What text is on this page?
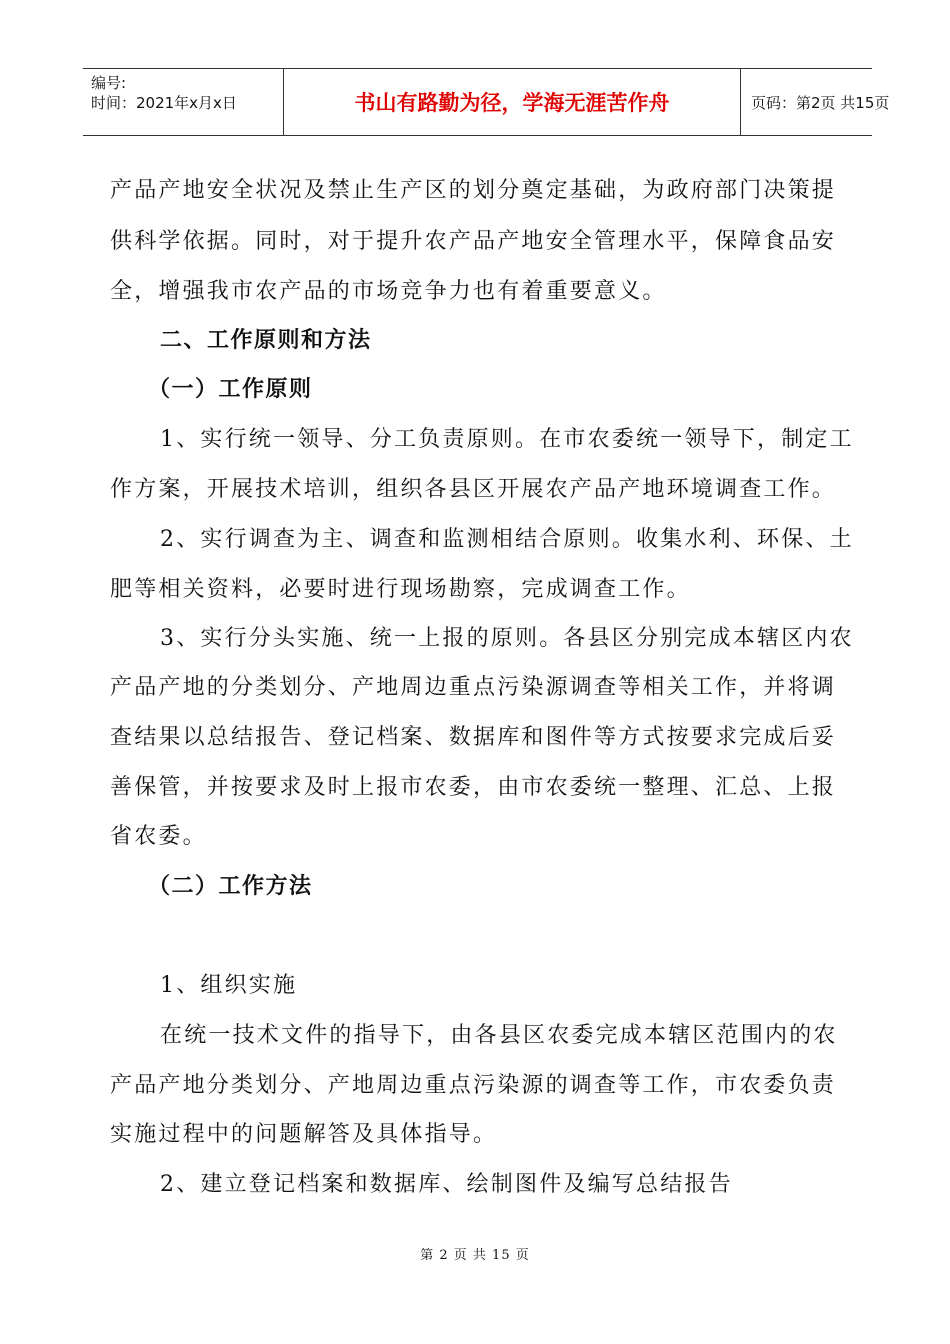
编号:
时间：2021年x月x日	书山有路勤为径，学海无涯苦作舟	页码：第2页 共15页
产品产地安全状况及禁止生产区的划分奠定基础，为政府部门决策提
供科学依据。同时，对于提升农产品产地安全管理水平，保障食品安
全，增强我市农产品的市场竞争力也有着重要意义。
二、工作原则和方法
（一）工作原则
1、实行统一领导、分工负责原则。在市农委统一领导下，制定工
作方案，开展技术培训，组织各县区开展农产品产地环境调查工作。
2、实行调查为主、调查和监测相结合原则。收集水利、环保、土
肥等相关资料，必要时进行现场勘察，完成调查工作。
3、实行分头实施、统一上报的原则。各县区分别完成本辖区内农
产品产地的分类划分、产地周边重点污染源调查等相关工作，并将调
查结果以总结报告、登记档案、数据库和图件等方式按要求完成后妥
善保管，并按要求及时上报市农委，由市农委统一整理、汇总、上报
省农委。
（二）工作方法
1、组织实施
在统一技术文件的指导下，由各县区农委完成本辖区范围内的农
产品产地分类划分、产地周边重点污染源的调查等工作，市农委负责
实施过程中的问题解答及具体指导。
2、建立登记档案和数据库、绘制图件及编写总结报告
第 2 页 共 15 页
